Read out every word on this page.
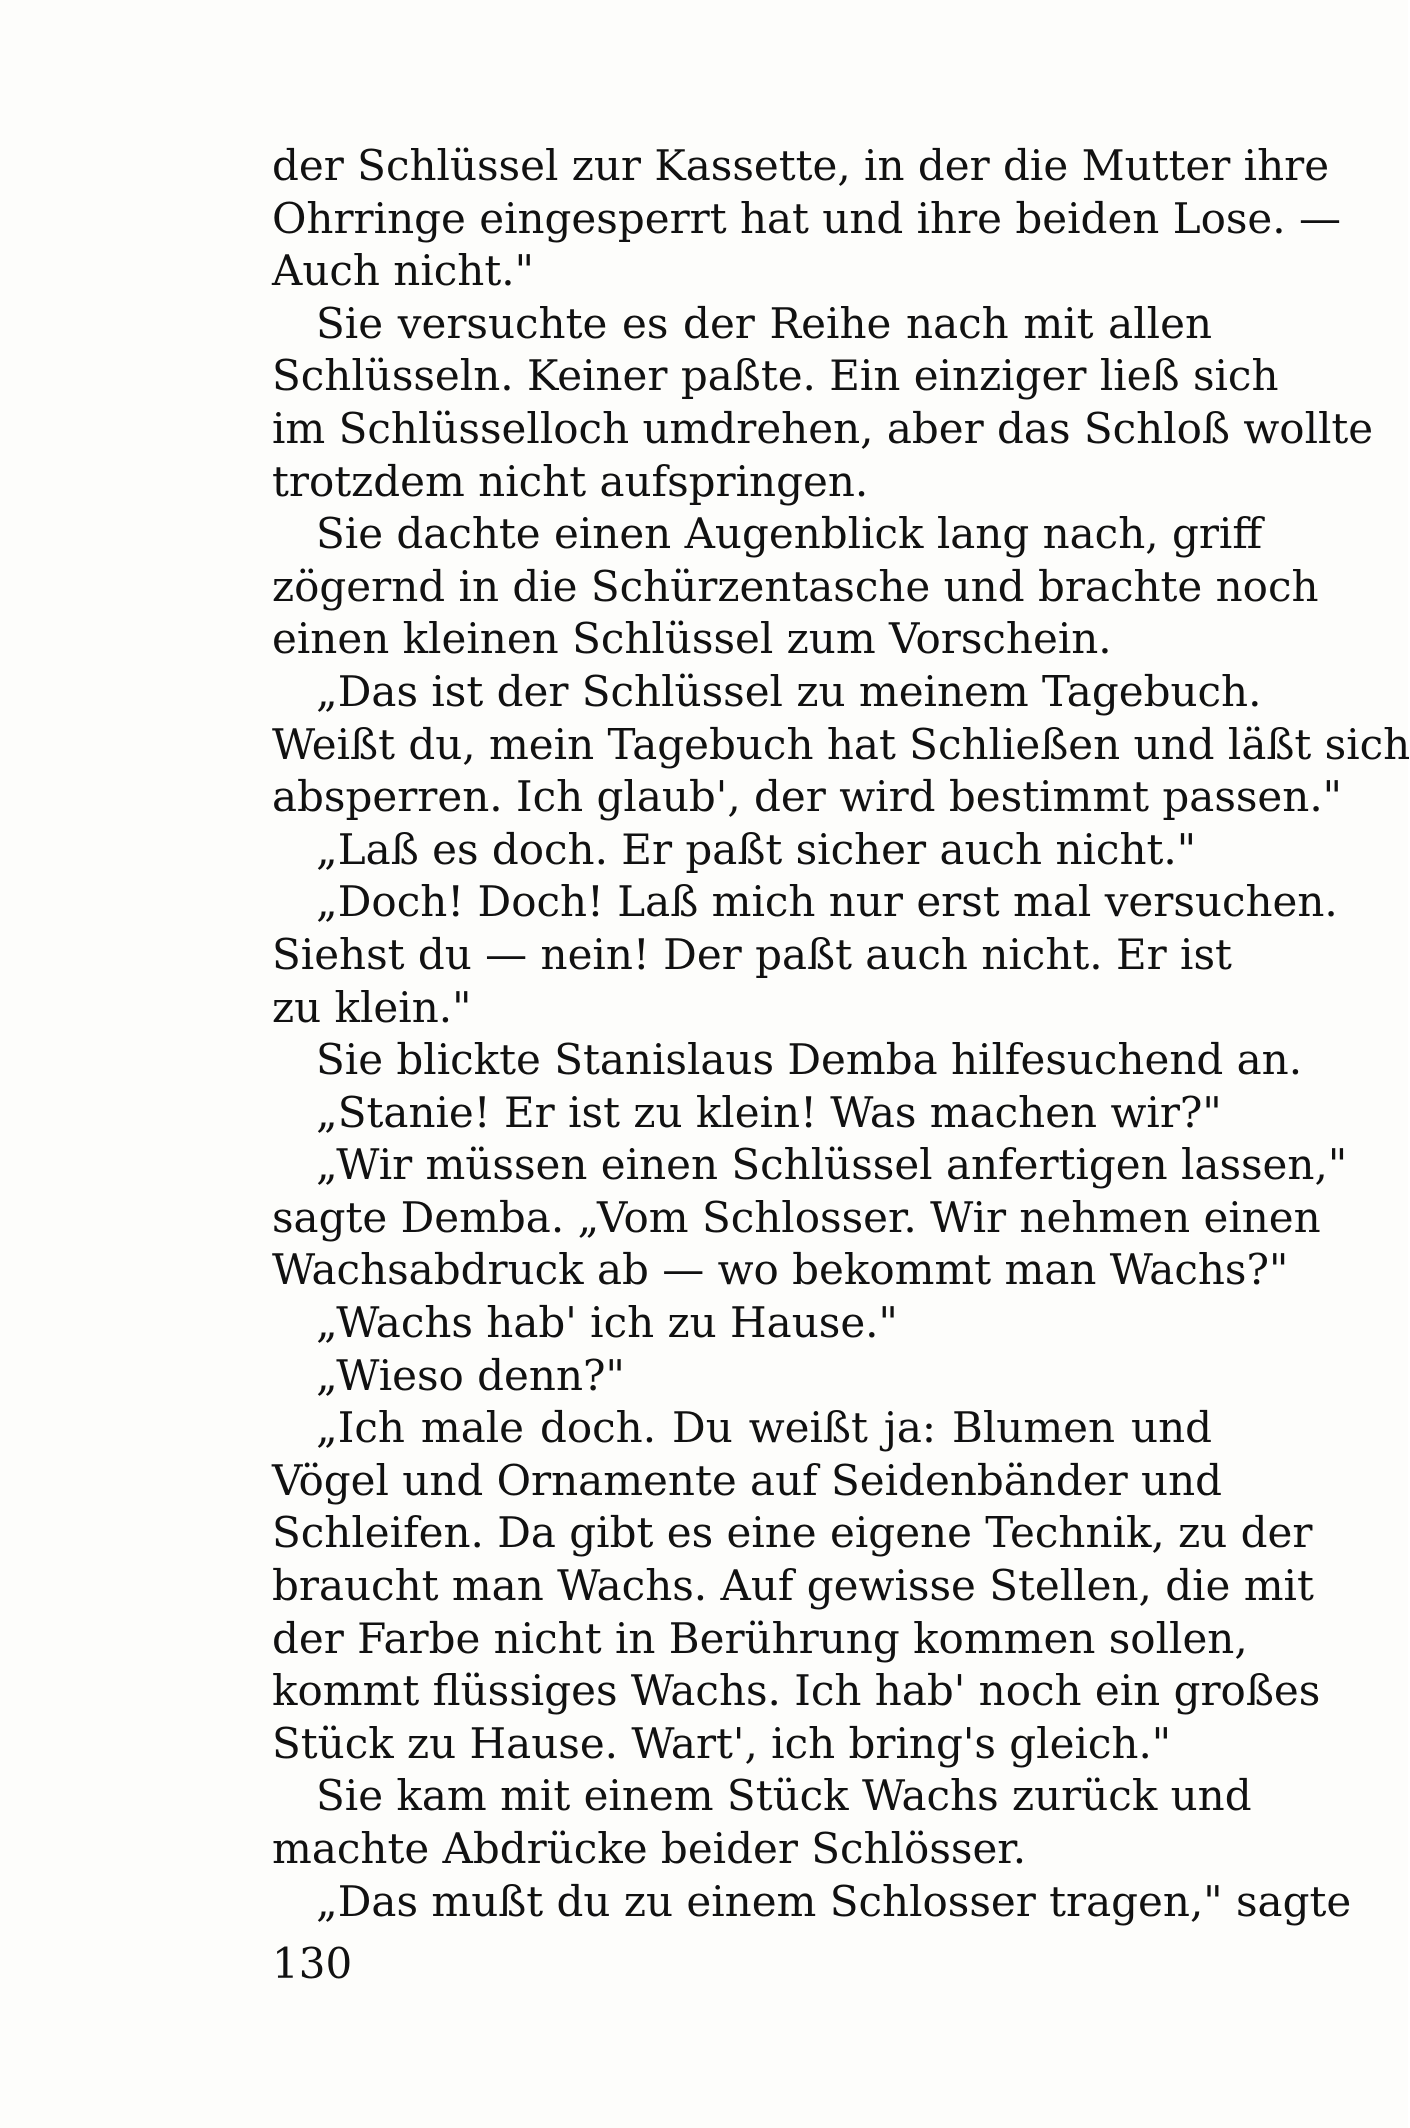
der Schlüssel zur Kassette, in der die Mutter ihre
Ohrringe eingesperrt hat und ihre beiden Lose. —
Auch nicht."
Sie versuchte es der Reihe nach mit allen
Schlüsseln. Keiner paßte. Ein einziger ließ sich
im Schlüsselloch umdrehen, aber das Schloß wollte
trotzdem nicht aufspringen.
Sie dachte einen Augenblick lang nach, griff
zögernd in die Schürzentasche und brachte noch
einen kleinen Schlüssel zum Vorschein.
„Das ist der Schlüssel zu meinem Tagebuch.
Weißt du, mein Tagebuch hat Schließen und läßt sich
absperren. Ich glaub', der wird bestimmt passen."
„Laß es doch. Er paßt sicher auch nicht."
„Doch! Doch! Laß mich nur erst mal versuchen.
Siehst du — nein! Der paßt auch nicht. Er ist
zu klein."
Sie blickte Stanislaus Demba hilfesuchend an.
„Stanie! Er ist zu klein! Was machen wir?"
„Wir müssen einen Schlüssel anfertigen lassen,"
sagte Demba. „Vom Schlosser. Wir nehmen einen
Wachsabdruck ab — wo bekommt man Wachs?"
„Wachs hab' ich zu Hause."
„Wieso denn?"
„Ich male doch. Du weißt ja: Blumen und
Vögel und Ornamente auf Seidenbänder und
Schleifen. Da gibt es eine eigene Technik, zu der
braucht man Wachs. Auf gewisse Stellen, die mit
der Farbe nicht in Berührung kommen sollen,
kommt flüssiges Wachs. Ich hab' noch ein großes
Stück zu Hause. Wart', ich bring's gleich."
Sie kam mit einem Stück Wachs zurück und
machte Abdrücke beider Schlösser.
„Das mußt du zu einem Schlosser tragen," sagte
130
